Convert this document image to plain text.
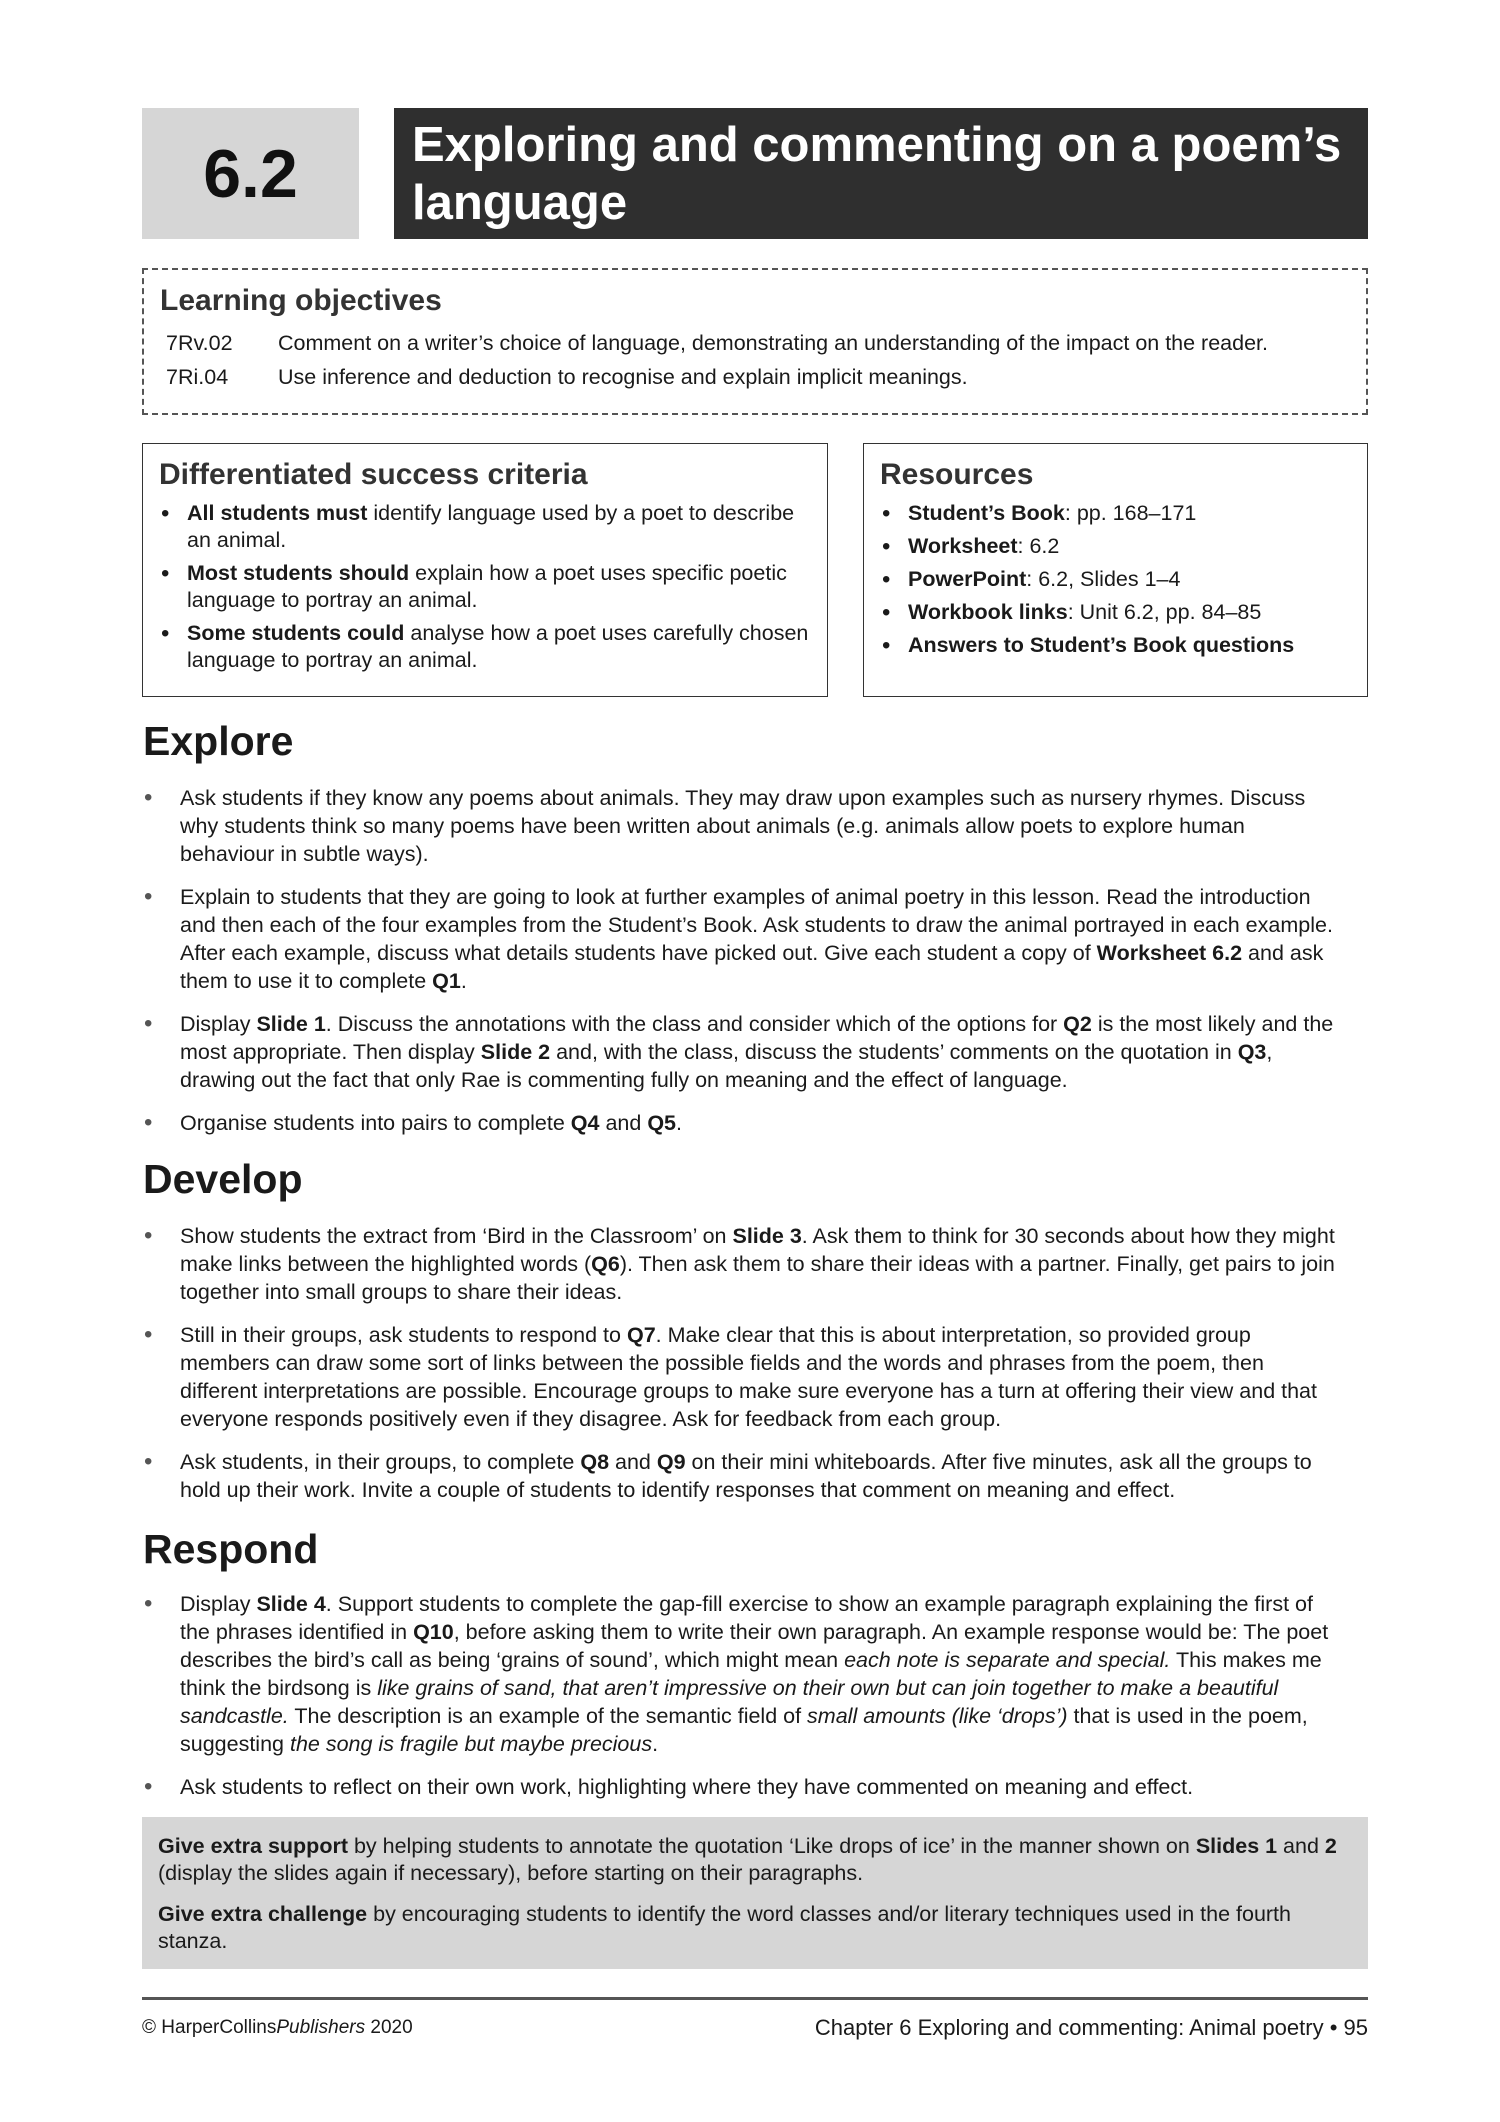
6.2	Exploring and commenting on a poem’s language
Learning objectives
7Rv.02	Comment on a writer’s choice of language, demonstrating an understanding of the impact on the reader.
7Ri.04	Use inference and deduction to recognise and explain implicit meanings.
Differentiated success criteria
• All students must identify language used by a poet to describe an animal.
• Most students should explain how a poet uses specific poetic language to portray an animal.
• Some students could analyse how a poet uses carefully chosen language to portray an animal.
Resources
• Student’s Book: pp. 168–171
• Worksheet: 6.2
• PowerPoint: 6.2, Slides 1–4
• Workbook links: Unit 6.2, pp. 84–85
• Answers to Student’s Book questions
Explore
• Ask students if they know any poems about animals. They may draw upon examples such as nursery rhymes. Discuss why students think so many poems have been written about animals (e.g. animals allow poets to explore human behaviour in subtle ways).
• Explain to students that they are going to look at further examples of animal poetry in this lesson. Read the introduction and then each of the four examples from the Student’s Book. Ask students to draw the animal portrayed in each example. After each example, discuss what details students have picked out. Give each student a copy of Worksheet 6.2 and ask them to use it to complete Q1.
• Display Slide 1. Discuss the annotations with the class and consider which of the options for Q2 is the most likely and the most appropriate. Then display Slide 2 and, with the class, discuss the students’ comments on the quotation in Q3, drawing out the fact that only Rae is commenting fully on meaning and the effect of language.
• Organise students into pairs to complete Q4 and Q5.
Develop
• Show students the extract from ‘Bird in the Classroom’ on Slide 3. Ask them to think for 30 seconds about how they might make links between the highlighted words (Q6). Then ask them to share their ideas with a partner. Finally, get pairs to join together into small groups to share their ideas.
• Still in their groups, ask students to respond to Q7. Make clear that this is about interpretation, so provided group members can draw some sort of links between the possible fields and the words and phrases from the poem, then different interpretations are possible. Encourage groups to make sure everyone has a turn at offering their view and that everyone responds positively even if they disagree. Ask for feedback from each group.
• Ask students, in their groups, to complete Q8 and Q9 on their mini whiteboards. After five minutes, ask all the groups to hold up their work. Invite a couple of students to identify responses that comment on meaning and effect.
Respond
• Display Slide 4. Support students to complete the gap-fill exercise to show an example paragraph explaining the first of the phrases identified in Q10, before asking them to write their own paragraph. An example response would be: The poet describes the bird’s call as being ‘grains of sound’, which might mean each note is separate and special. This makes me think the birdsong is like grains of sand, that aren’t impressive on their own but can join together to make a beautiful sandcastle. The description is an example of the semantic field of small amounts (like ‘drops’) that is used in the poem, suggesting the song is fragile but maybe precious.
• Ask students to reflect on their own work, highlighting where they have commented on meaning and effect.

Give extra support by helping students to annotate the quotation ‘Like drops of ice’ in the manner shown on Slides 1 and 2 (display the slides again if necessary), before starting on their paragraphs.

Give extra challenge by encouraging students to identify the word classes and/or literary techniques used in the fourth stanza.

© HarperCollinsPublishers 2020	Chapter 6 Exploring and commenting: Animal poetry • 95
